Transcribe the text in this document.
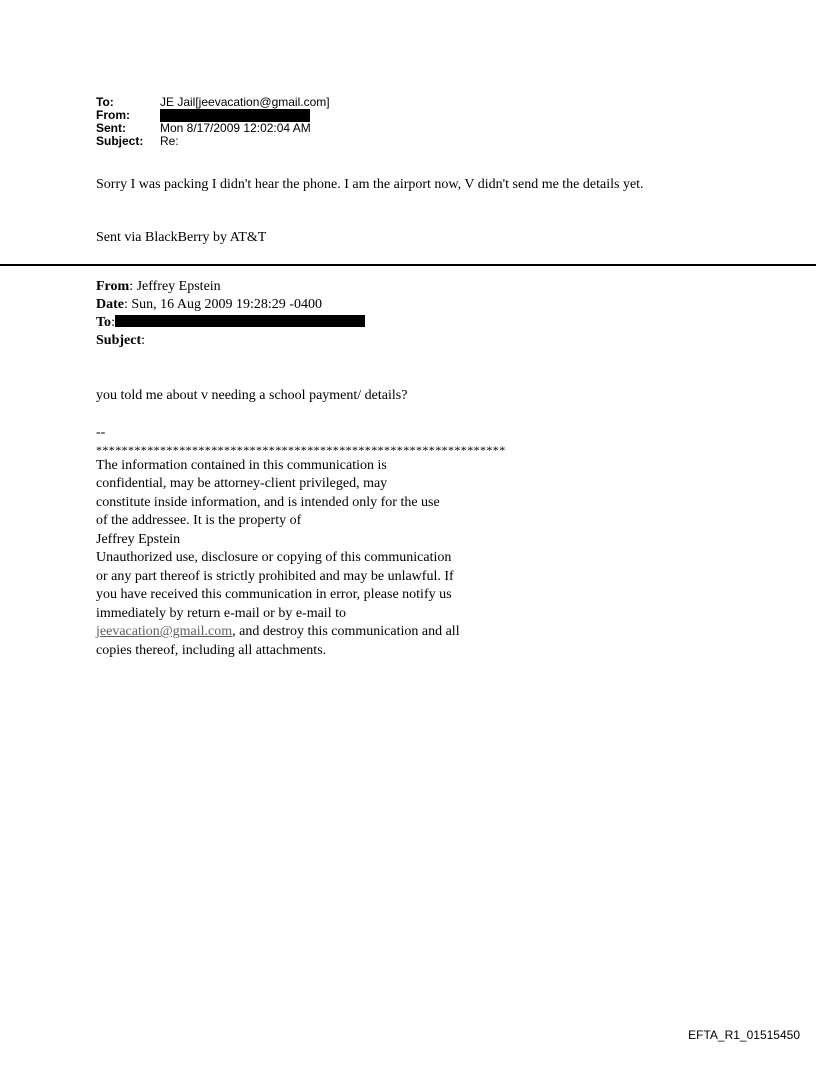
To:	JE Jail[jeevacation@gmail.com]
From:
Sent:	Mon 8/17/2009 12:02:04 AM
Subject:	Re:
Sorry I was packing I didn't hear the phone. I am the airport now, V didn't send me the details yet.
Sent via BlackBerry by AT&T
From: Jeffrey Epstein
Date: Sun, 16 Aug 2009 19:28:29 -0400
To:
Subject:
you told me about v needing a school payment/ details?

--

****************************************************************

The information contained in this communication is confidential, may be attorney-client privileged, may constitute inside information, and is intended only for the use of the addressee. It is the property of

Jeffrey Epstein

Unauthorized use, disclosure or copying of this communication or any part thereof is strictly prohibited and may be unlawful. If you have received this communication in error, please notify us immediately by return e-mail or by e-mail to jeevacation@gmail.com, and destroy this communication and all copies thereof, including all attachments.

EFTA_R1_01515450
